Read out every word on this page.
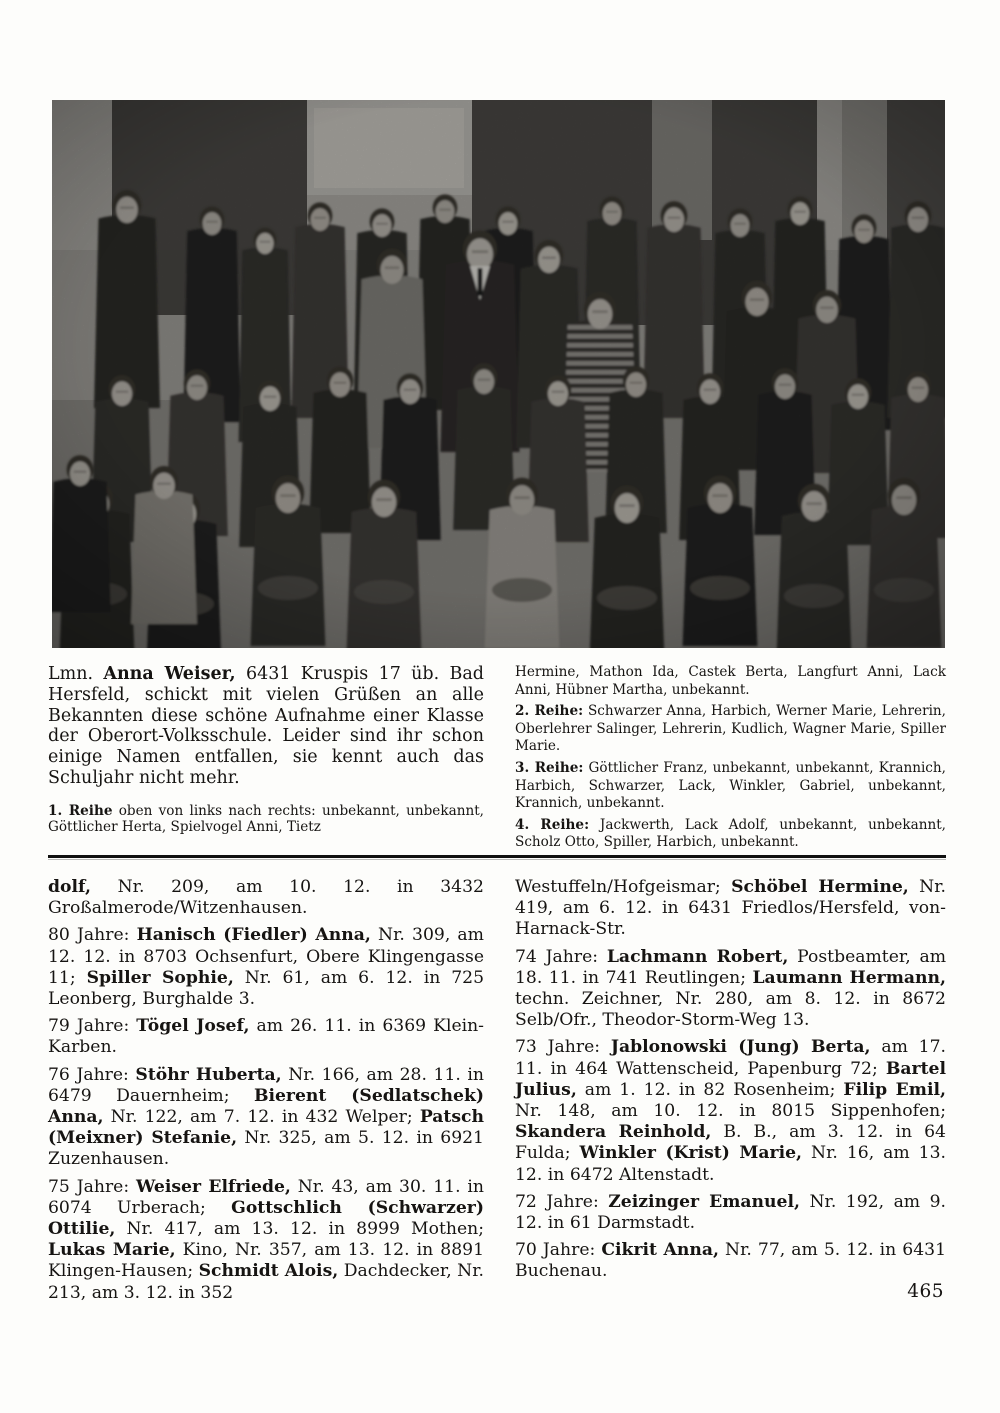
Lmn. Anna Weiser, 6431 Kruspis 17 üb. Bad Hersfeld, schickt mit vielen Grüßen an alle Bekannten diese schöne Aufnahme einer Klasse der Oberort-Volksschule. Leider sind ihr schon einige Namen entfallen, sie kennt auch das Schuljahr nicht mehr.

1. Reihe oben von links nach rechts: unbekannt, unbekannt, Göttlicher Herta, Spielvogel Anni, Tietz

Hermine, Mathon Ida, Castek Berta, Langfurt Anni, Lack Anni, Hübner Martha, unbekannt.

2. Reihe: Schwarzer Anna, Harbich, Werner Marie, Lehrerin, Oberlehrer Salinger, Lehrerin, Kudlich, Wagner Marie, Spiller Marie.

3. Reihe: Göttlicher Franz, unbekannt, unbekannt, Krannich, Harbich, Schwarzer, Lack, Winkler, Gabriel, unbekannt, Krannich, unbekannt.

4. Reihe: Jackwerth, Lack Adolf, unbekannt, unbekannt, Scholz Otto, Spiller, Harbich, unbekannt.

dolf, Nr. 209, am 10. 12. in 3432 Großalmerode/Witzenhausen.

80 Jahre: Hanisch (Fiedler) Anna, Nr. 309, am 12. 12. in 8703 Ochsenfurt, Obere Klingengasse 11; Spiller Sophie, Nr. 61, am 6. 12. in 725 Leonberg, Burghalde 3.

79 Jahre: Tögel Josef, am 26. 11. in 6369 Klein-Karben.

76 Jahre: Stöhr Huberta, Nr. 166, am 28. 11. in 6479 Dauernheim; Bierent (Sedlatschek) Anna, Nr. 122, am 7. 12. in 432 Welper; Patsch (Meixner) Stefanie, Nr. 325, am 5. 12. in 6921 Zuzenhausen.

75 Jahre: Weiser Elfriede, Nr. 43, am 30. 11. in 6074 Urberach; Gottschlich (Schwarzer) Ottilie, Nr. 417, am 13. 12. in 8999 Mothen; Lukas Marie, Kino, Nr. 357, am 13. 12. in 8891 Klingen-Hausen; Schmidt Alois, Dachdecker, Nr. 213, am 3. 12. in 352

Westuffeln/Hofgeismar; Schöbel Hermine, Nr. 419, am 6. 12. in 6431 Friedlos/Hersfeld, von-Harnack-Str.

74 Jahre: Lachmann Robert, Postbeamter, am 18. 11. in 741 Reutlingen; Laumann Hermann, techn. Zeichner, Nr. 280, am 8. 12. in 8672 Selb/Ofr., Theodor-Storm-Weg 13.

73 Jahre: Jablonowski (Jung) Berta, am 17. 11. in 464 Wattenscheid, Papenburg 72; Bartel Julius, am 1. 12. in 82 Rosenheim; Filip Emil, Nr. 148, am 10. 12. in 8015 Sippenhofen; Skandera Reinhold, B. B., am 3. 12. in 64 Fulda; Winkler (Krist) Marie, Nr. 16, am 13. 12. in 6472 Altenstadt.

72 Jahre: Zeizinger Emanuel, Nr. 192, am 9. 12. in 61 Darmstadt.

70 Jahre: Cikrit Anna, Nr. 77, am 5. 12. in 6431 Buchenau.

465
